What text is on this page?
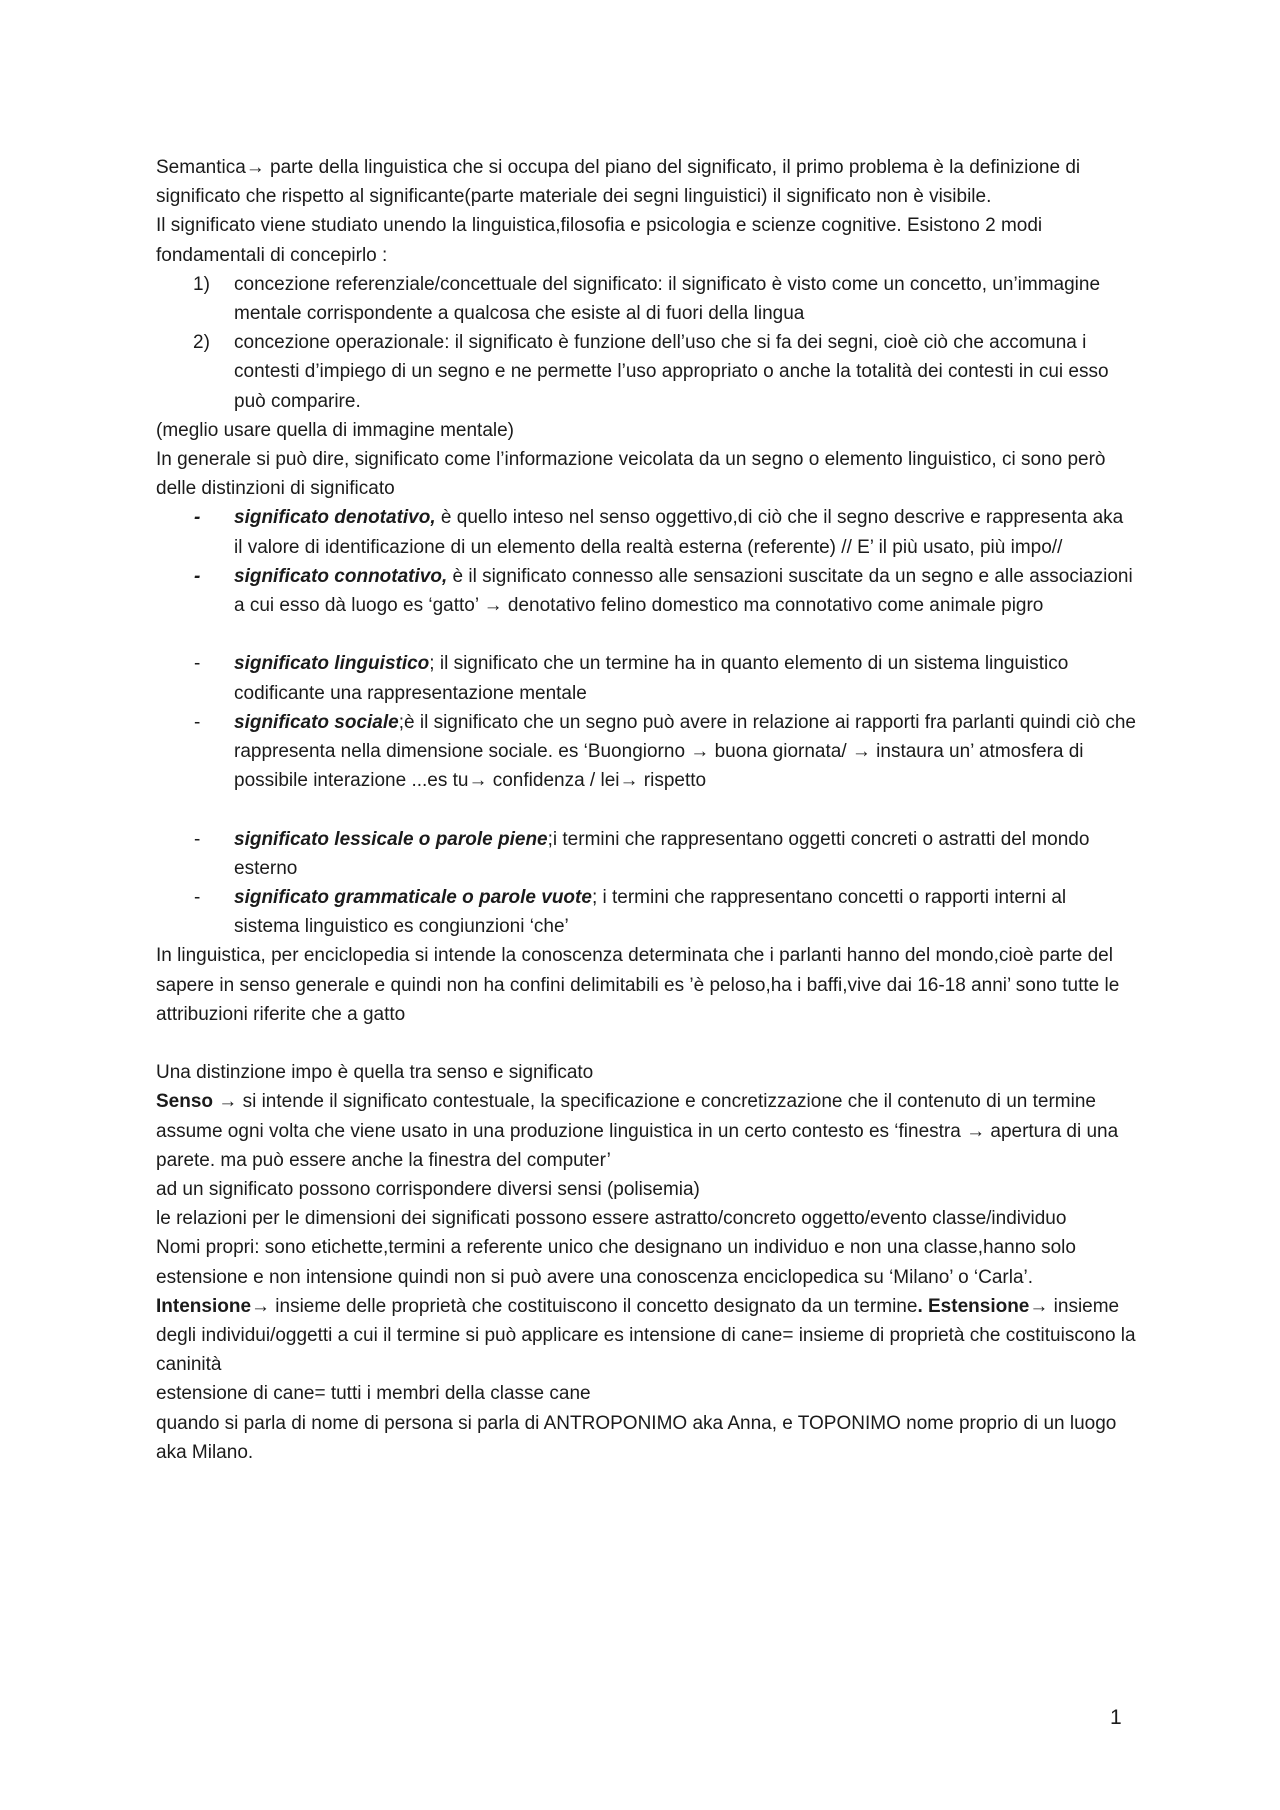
Semantica→ parte della linguistica che si occupa del piano del significato, il primo problema è la definizione di significato che rispetto al significante(parte materiale dei segni linguistici) il significato non è visibile.

Il significato viene studiato unendo la linguistica,filosofia e psicologia e scienze cognitive. Esistono 2 modi fondamentali di concepirlo :

1) concezione referenziale/concettuale del significato: il significato è visto come un concetto, un’immagine mentale corrispondente a qualcosa che esiste al di fuori della lingua
2) concezione operazionale: il significato è funzione dell’uso che si fa dei segni, cioè ciò che accomuna i contesti d’impiego di un segno e ne permette l’uso appropriato o anche la totalità dei contesti in cui esso può comparire.

(meglio usare quella di immagine mentale)

In generale si può dire, significato come l’informazione veicolata da un segno o elemento linguistico, ci sono però delle distinzioni di significato

- significato denotativo, è quello inteso nel senso oggettivo,di ciò che il segno descrive e rappresenta aka il valore di identificazione di un elemento della realtà esterna (referente) // E’ il più usato, più impo//
- significato connotativo, è il significato connesso alle sensazioni suscitate da un segno e alle associazioni a cui esso dà luogo es ‘gatto’ → denotativo felino domestico ma connotativo come animale pigro
- significato linguistico; il significato che un termine ha in quanto elemento di un sistema linguistico codificante una rappresentazione mentale
- significato sociale;è il significato che un segno può avere in relazione ai rapporti fra parlanti quindi ciò che rappresenta nella dimensione sociale. es ‘Buongiorno → buona giornata/ → instaura un’ atmosfera di possibile interazione ...es tu→ confidenza / lei→ rispetto
- significato lessicale o parole piene;i termini che rappresentano oggetti concreti o astratti del mondo esterno
- significato grammaticale o parole vuote; i termini che rappresentano concetti o rapporti interni al sistema linguistico es congiunzioni ‘che’

In linguistica, per enciclopedia si intende la conoscenza determinata che i parlanti hanno del mondo,cioè parte del sapere in senso generale e quindi non ha confini delimitabili es ’è peloso,ha i baffi,vive dai 16-18 anni’ sono tutte le attribuzioni riferite che a gatto

Una distinzione impo è quella tra senso e significato

Senso → si intende il significato contestuale, la specificazione e concretizzazione che il contenuto di un termine assume ogni volta che viene usato in una produzione linguistica in un certo contesto es ‘finestra → apertura di una parete. ma può essere anche la finestra del computer’

ad un significato possono corrispondere diversi sensi (polisemia)

le relazioni per le dimensioni dei significati possono essere astratto/concreto oggetto/evento classe/individuo

Nomi propri: sono etichette,termini a referente unico che designano un individuo e non una classe,hanno solo estensione e non intensione quindi non si può avere una conoscenza enciclopedica su ‘Milano’ o ‘Carla’. Intensione→ insieme delle proprietà che costituiscono il concetto designato da un termine. Estensione→ insieme degli individui/oggetti a cui il termine si può applicare es intensione di cane= insieme di proprietà che costituiscono la caninità

estensione di cane= tutti i membri della classe cane

quando si parla di nome di persona si parla di ANTROPONIMO aka Anna, e TOPONIMO nome proprio di un luogo aka Milano.

1
